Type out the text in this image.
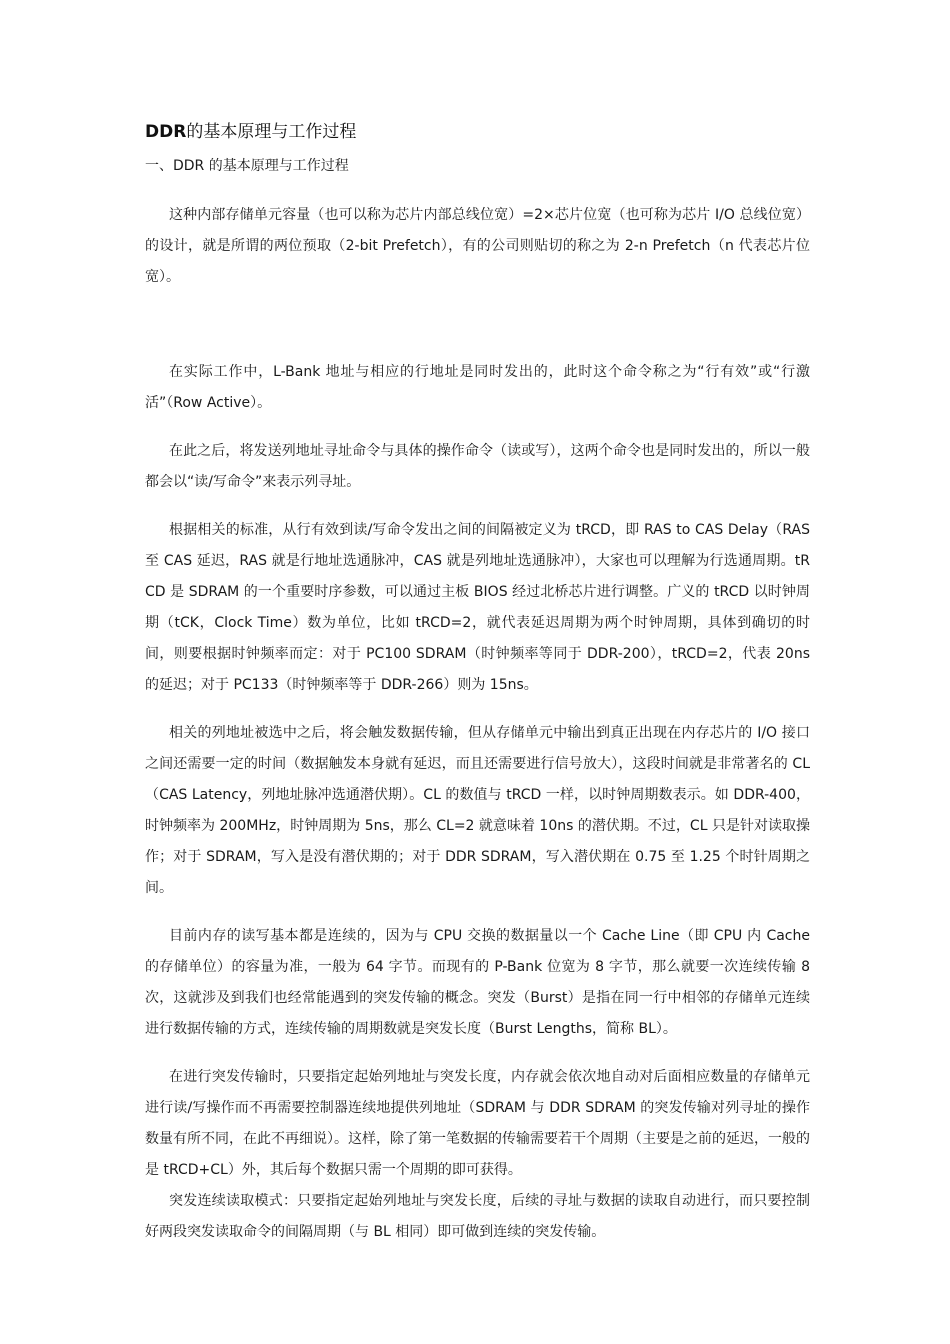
DDR的基本原理与工作过程
一、DDR 的基本原理与工作过程

这种内部存储单元容量（也可以称为芯片内部总线位宽）=2×芯片位宽（也可称为芯片 I/O 总线位宽）的设计，就是所谓的两位预取（2-bit Prefetch），有的公司则贴切的称之为 2-n Prefetch（n 代表芯片位宽）。

在实际工作中，L-Bank 地址与相应的行地址是同时发出的，此时这个命令称之为“行有效”或“行激活”（Row Active）。

在此之后，将发送列地址寻址命令与具体的操作命令（读或写），这两个命令也是同时发出的，所以一般都会以“读/写命令”来表示列寻址。

根据相关的标准，从行有效到读/写命令发出之间的间隔被定义为 tRCD，即 RAS to CAS Delay（RAS 至 CAS 延迟，RAS 就是行地址选通脉冲，CAS 就是列地址选通脉冲），大家也可以理解为行选通周期。tRCD 是 SDRAM 的一个重要时序参数，可以通过主板 BIOS 经过北桥芯片进行调整。广义的 tRCD 以时钟周期（tCK，Clock Time）数为单位，比如 tRCD=2，就代表延迟周期为两个时钟周期，具体到确切的时间，则要根据时钟频率而定：对于 PC100 SDRAM（时钟频率等同于 DDR-200），tRCD=2，代表 20ns 的延迟；对于 PC133（时钟频率等于 DDR-266）则为 15ns。

相关的列地址被选中之后，将会触发数据传输，但从存储单元中输出到真正出现在内存芯片的 I/O 接口之间还需要一定的时间（数据触发本身就有延迟，而且还需要进行信号放大），这段时间就是非常著名的 CL（CAS Latency，列地址脉冲选通潜伏期）。CL 的数值与 tRCD 一样，以时钟周期数表示。如 DDR-400，时钟频率为 200MHz，时钟周期为 5ns，那么 CL=2 就意味着 10ns 的潜伏期。不过，CL 只是针对读取操作；对于 SDRAM，写入是没有潜伏期的；对于 DDR SDRAM，写入潜伏期在 0.75 至 1.25 个时针周期之间。

目前内存的读写基本都是连续的，因为与 CPU 交换的数据量以一个 Cache Line（即 CPU 内 Cache 的存储单位）的容量为准，一般为 64 字节。而现有的 P-Bank 位宽为 8 字节，那么就要一次连续传输 8 次，这就涉及到我们也经常能遇到的突发传输的概念。突发（Burst）是指在同一行中相邻的存储单元连续进行数据传输的方式，连续传输的周期数就是突发长度（Burst Lengths，简称 BL）。

在进行突发传输时，只要指定起始列地址与突发长度，内存就会依次地自动对后面相应数量的存储单元进行读/写操作而不再需要控制器连续地提供列地址（SDRAM 与 DDR SDRAM 的突发传输对列寻址的操作数量有所不同，在此不再细说）。这样，除了第一笔数据的传输需要若干个周期（主要是之前的延迟，一般的是 tRCD+CL）外，其后每个数据只需一个周期的即可获得。

突发连续读取模式：只要指定起始列地址与突发长度，后续的寻址与数据的读取自动进行，而只要控制好两段突发读取命令的间隔周期（与 BL 相同）即可做到连续的突发传输。
